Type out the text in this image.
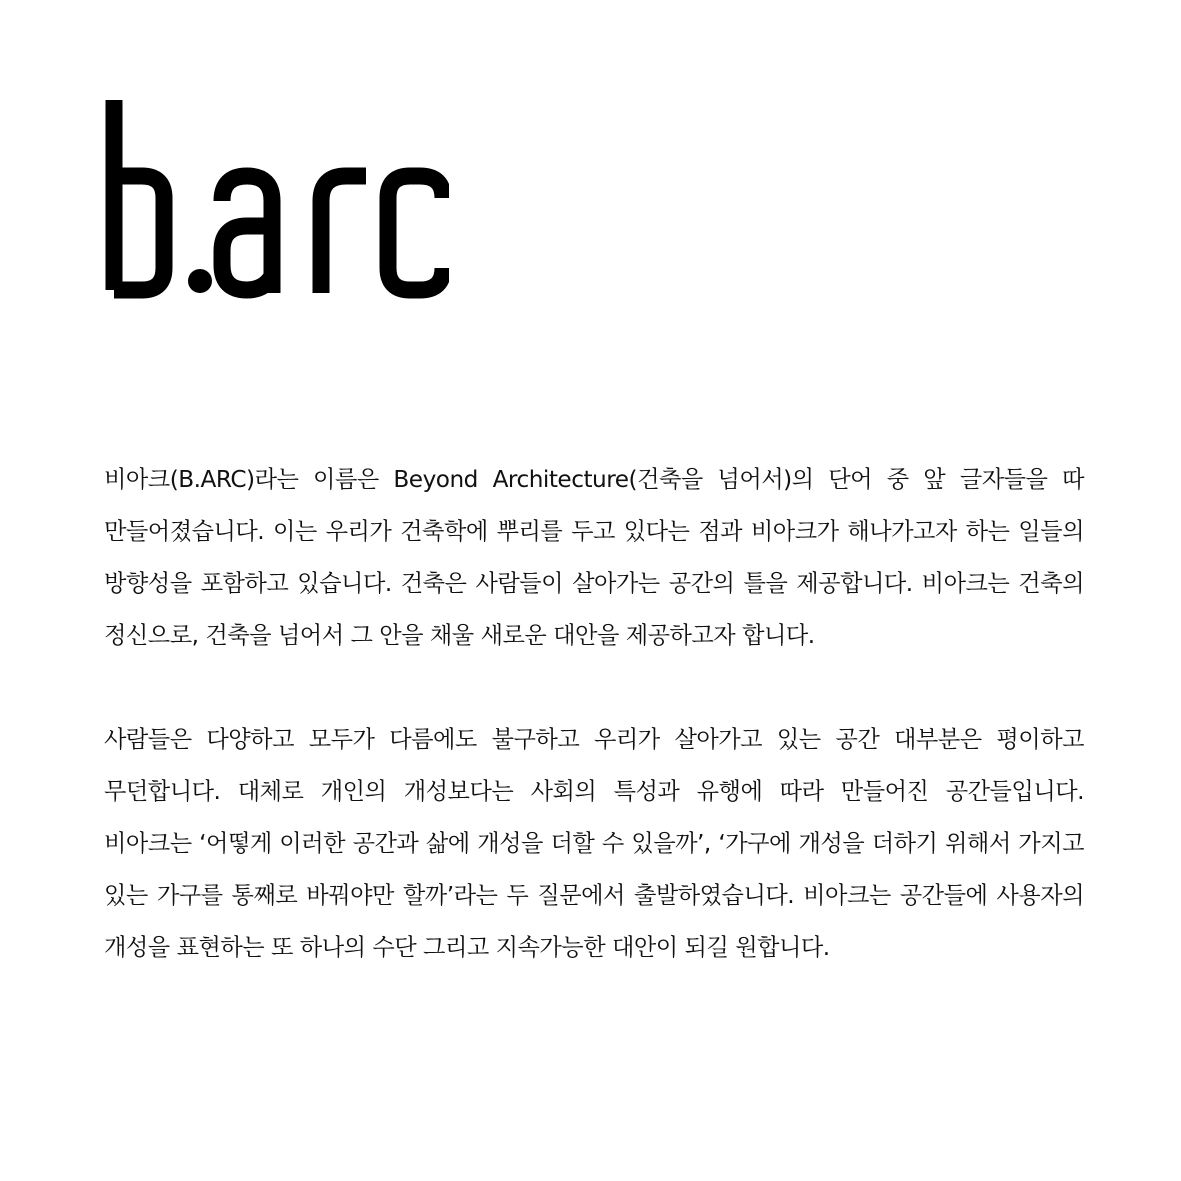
비아크(B.ARC)라는 이름은 Beyond Architecture(건축을 넘어서)의 단어 중 앞 글자들을 따 만들어졌습니다. 이는 우리가 건축학에 뿌리를 두고 있다는 점과 비아크가 해나가고자 하는 일들의 방향성을 포함하고 있습니다. 건축은 사람들이 살아가는 공간의 틀을 제공합니다. 비아크는 건축의 정신으로, 건축을 넘어서 그 안을 채울 새로운 대안을 제공하고자 합니다.

사람들은 다양하고 모두가 다름에도 불구하고 우리가 살아가고 있는 공간 대부분은 평이하고 무던합니다. 대체로 개인의 개성보다는 사회의 특성과 유행에 따라 만들어진 공간들입니다. 비아크는 ‘어떻게 이러한 공간과 삶에 개성을 더할 수 있을까’, ‘가구에 개성을 더하기 위해서 가지고 있는 가구를 통째로 바꿔야만 할까’라는 두 질문에서 출발하였습니다. 비아크는 공간들에 사용자의 개성을 표현하는 또 하나의 수단 그리고 지속가능한 대안이 되길 원합니다.
